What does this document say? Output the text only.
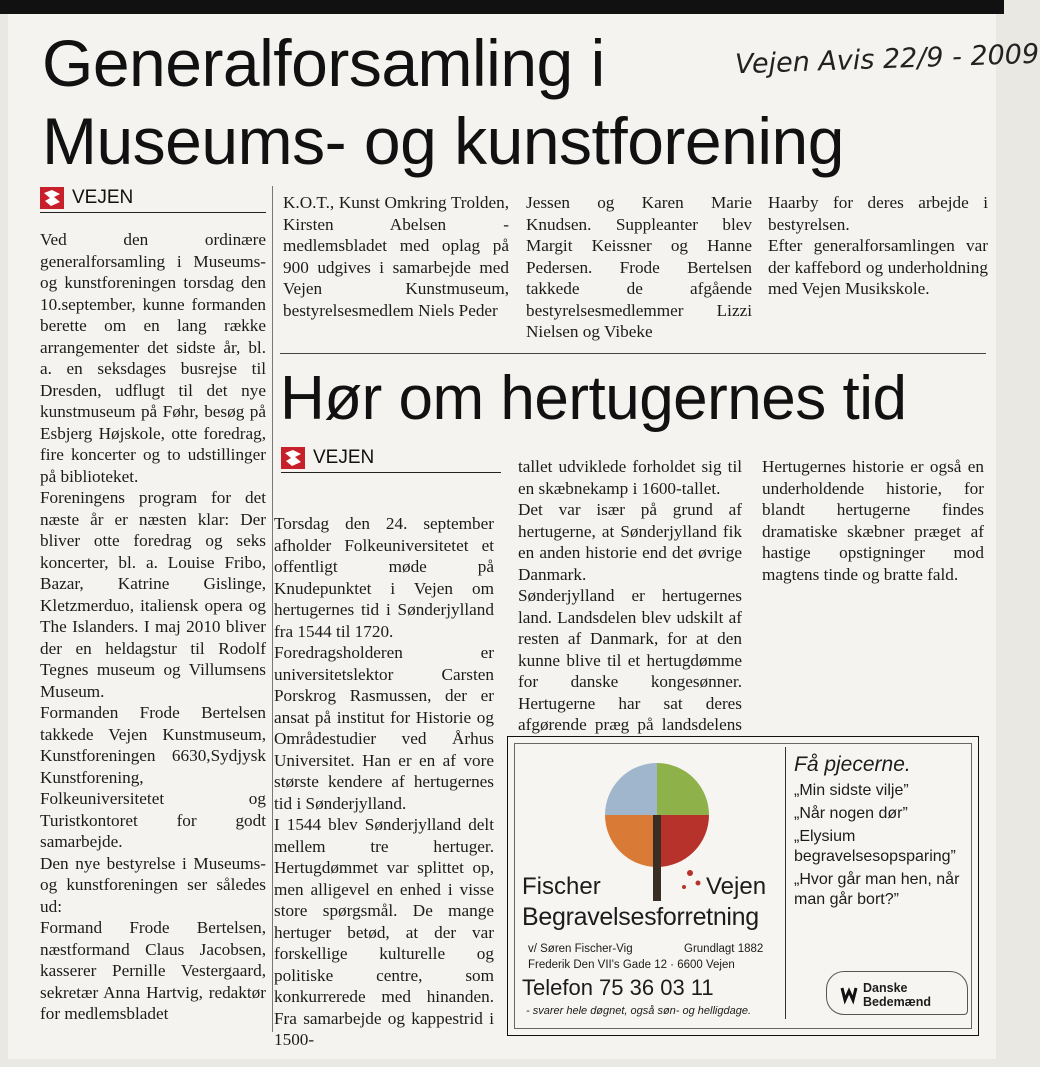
Generalforsamling i
Museums- og kunstforening
Vejen Avis 22/9 - 2009
VEJEN

Ved den ordinære generalforsamling i Museums- og kunstforeningen torsdag den 10.september, kunne formanden berette om en lang række arrangementer det sidste år, bl. a. en seksdages busrejse til Dresden, udflugt til det nye kunstmuseum på Føhr, besøg på Esbjerg Højskole, otte foredrag, fire koncerter og to udstillinger på biblioteket.

Foreningens program for det næste år er næsten klar: Der bliver otte foredrag og seks koncerter, bl. a. Louise Fribo, Bazar, Katrine Gislinge, Kletzmerduo, italiensk opera og The Islanders. I maj 2010 bliver der en heldagstur til Rodolf Tegnes museum og Villumsens Museum.

Formanden Frode Bertelsen takkede Vejen Kunstmuseum, Kunstforeningen 6630,Sydjysk Kunstforening, Folkeuniversitetet og Turistkontoret for godt samarbejde.

Den nye bestyrelse i Museums- og kunstforeningen ser således ud:

Formand Frode Bertelsen, næstformand Claus Jacobsen, kasserer Pernille Vestergaard, sekretær Anna Hartvig, redaktør for medlemsbladet

K.O.T., Kunst Omkring Trolden, Kirsten Abelsen - medlemsbladet med oplag på 900 udgives i samarbejde med Vejen Kunstmuseum, bestyrelsesmedlem Niels Peder

Jessen og Karen Marie Knudsen. Suppleanter blev Margit Keissner og Hanne Pedersen. Frode Bertelsen takkede de afgående bestyrelsesmedlemmer Lizzi Nielsen og Vibeke

Haarby for deres arbejde i bestyrelsen.

Efter generalforsamlingen var der kaffebord og underholdning med Vejen Musikskole.

Hør om hertugernes tid
VEJEN

Torsdag den 24. september afholder Folkeuniversitetet et offentligt møde på Knudepunktet i Vejen om hertugernes tid i Sønderjylland fra 1544 til 1720.

Foredragsholderen er universitetslektor Carsten Porskrog Rasmussen, der er ansat på institut for Historie og Områdestudier ved Århus Universitet. Han er en af vore største kendere af hertugernes tid i Sønderjylland.

I 1544 blev Sønderjylland delt mellem tre hertuger. Hertugdømmet var splittet op, men alligevel en enhed i visse store spørgsmål. De mange hertuger betød, at der var forskellige kulturelle og politiske centre, som konkurrerede med hinanden. Fra samarbejde og kappestrid i 1500-

tallet udviklede forholdet sig til en skæbnekamp i 1600-tallet.

Det var især på grund af hertugerne, at Sønderjylland fik en anden historie end det øvrige Danmark.

Sønderjylland er hertugernes land. Landsdelen blev udskilt af resten af Danmark, for at den kunne blive til et hertugdømme for danske kongesønner. Hertugerne har sat deres afgørende præg på landsdelens

Hertugernes historie er også en underholdende historie, for blandt hertugerne findes dramatiske skæbner præget af hastige opstigninger mod magtens tinde og bratte fald.

Fischer	Vejen
Begravelsesforretning
v/ Søren Fischer-Vig	Grundlagt 1882
Frederik Den VII's Gade 12 · 6600 Vejen
Telefon 75 36 03 11
- svarer hele døgnet, også søn- og helligdage.
Få pjecerne.
„Min sidste vilje”
„Når nogen dør”
„Elysium begravelsesopsparing”
„Hvor går man hen, når man går bort?”
Danske Bedemænd
